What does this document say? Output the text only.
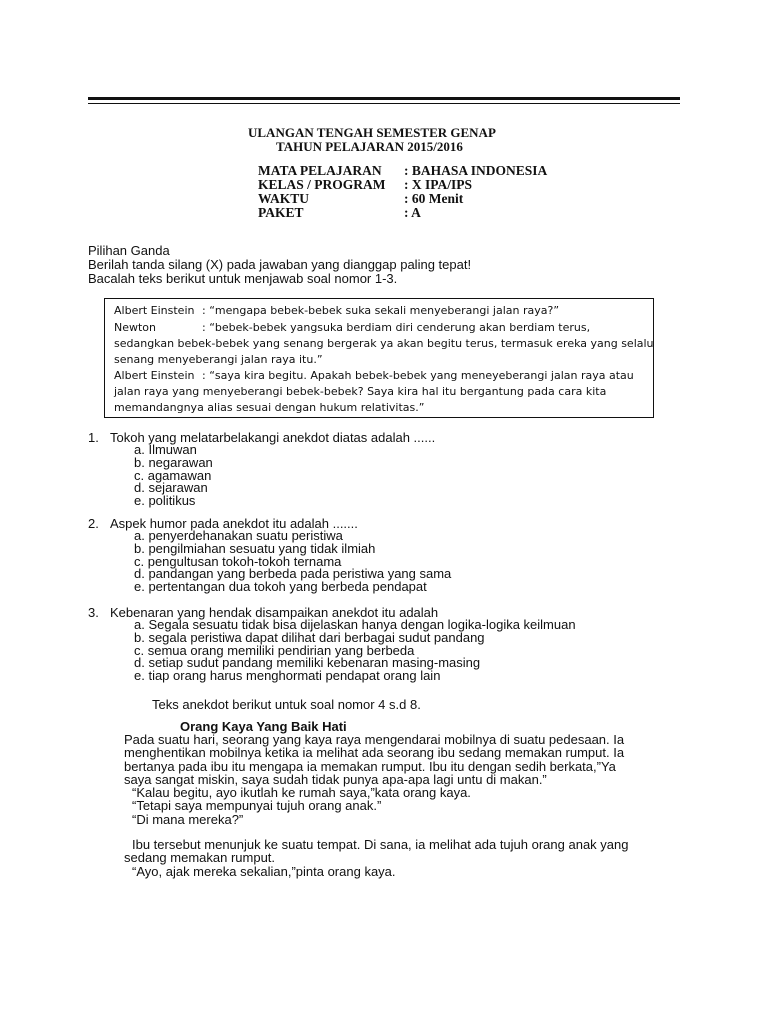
ULANGAN TENGAH SEMESTER GENAP
TAHUN PELAJARAN 2015/2016
MATA PELAJARAN : BAHASA INDONESIA
KELAS / PROGRAM : X IPA/IPS
WAKTU	: 60 Menit
PAKET	: A
Pilihan Ganda
Berilah tanda silang (X) pada jawaban yang dianggap paling tepat!
Bacalah teks berikut untuk menjawab soal nomor 1-3.
Albert Einstein : “mengapa bebek-bebek suka sekali menyeberangi jalan raya?”
Newton	: “bebek-bebek yangsuka berdiam diri cenderung akan berdiam terus,
sedangkan bebek-bebek yang senang bergerak ya akan begitu terus, termasuk ereka yang selalu
senang menyeberangi jalan raya itu.”
Albert Einstein : “saya kira begitu. Apakah bebek-bebek yang meneyeberangi jalan raya atau
jalan raya yang menyeberangi bebek-bebek? Saya kira hal itu bergantung pada cara kita
memandangnya alias sesuai dengan hukum relativitas.”
1. Tokoh yang melatarbelakangi anekdot diatas adalah ......
a. Ilmuwan
b. negarawan
c. agamawan
d. sejarawan
e. politikus
2. Aspek humor pada anekdot itu adalah .......
a. penyerdehanakan suatu peristiwa
b. pengilmiahan sesuatu yang tidak ilmiah
c. pengultusan tokoh-tokoh ternama
d. pandangan yang berbeda pada peristiwa yang sama
e. pertentangan dua tokoh yang berbeda pendapat
3. Kebenaran yang hendak disampaikan anekdot itu adalah
a. Segala sesuatu tidak bisa dijelaskan hanya dengan logika-logika keilmuan
b. segala peristiwa dapat dilihat dari berbagai sudut pandang
c. semua orang memiliki pendirian yang berbeda
d. setiap sudut pandang memiliki kebenaran masing-masing
e. tiap orang harus menghormati pendapat orang lain
Teks anekdot berikut untuk soal nomor 4 s.d 8.
Orang Kaya Yang Baik Hati
Pada suatu hari, seorang yang kaya raya mengendarai mobilnya di suatu pedesaan. Ia
menghentikan mobilnya ketika ia melihat ada seorang ibu sedang memakan rumput. Ia
bertanya pada ibu itu mengapa ia memakan rumput. Ibu itu dengan sedih berkata,”Ya
saya sangat miskin, saya sudah tidak punya apa-apa lagi untu di makan.”
“Kalau begitu, ayo ikutlah ke rumah saya,”kata orang kaya.
“Tetapi saya mempunyai tujuh orang anak.”
“Di mana mereka?”
Ibu tersebut menunjuk ke suatu tempat. Di sana, ia melihat ada tujuh orang anak yang
sedang memakan rumput.
“Ayo, ajak mereka sekalian,”pinta orang kaya.
